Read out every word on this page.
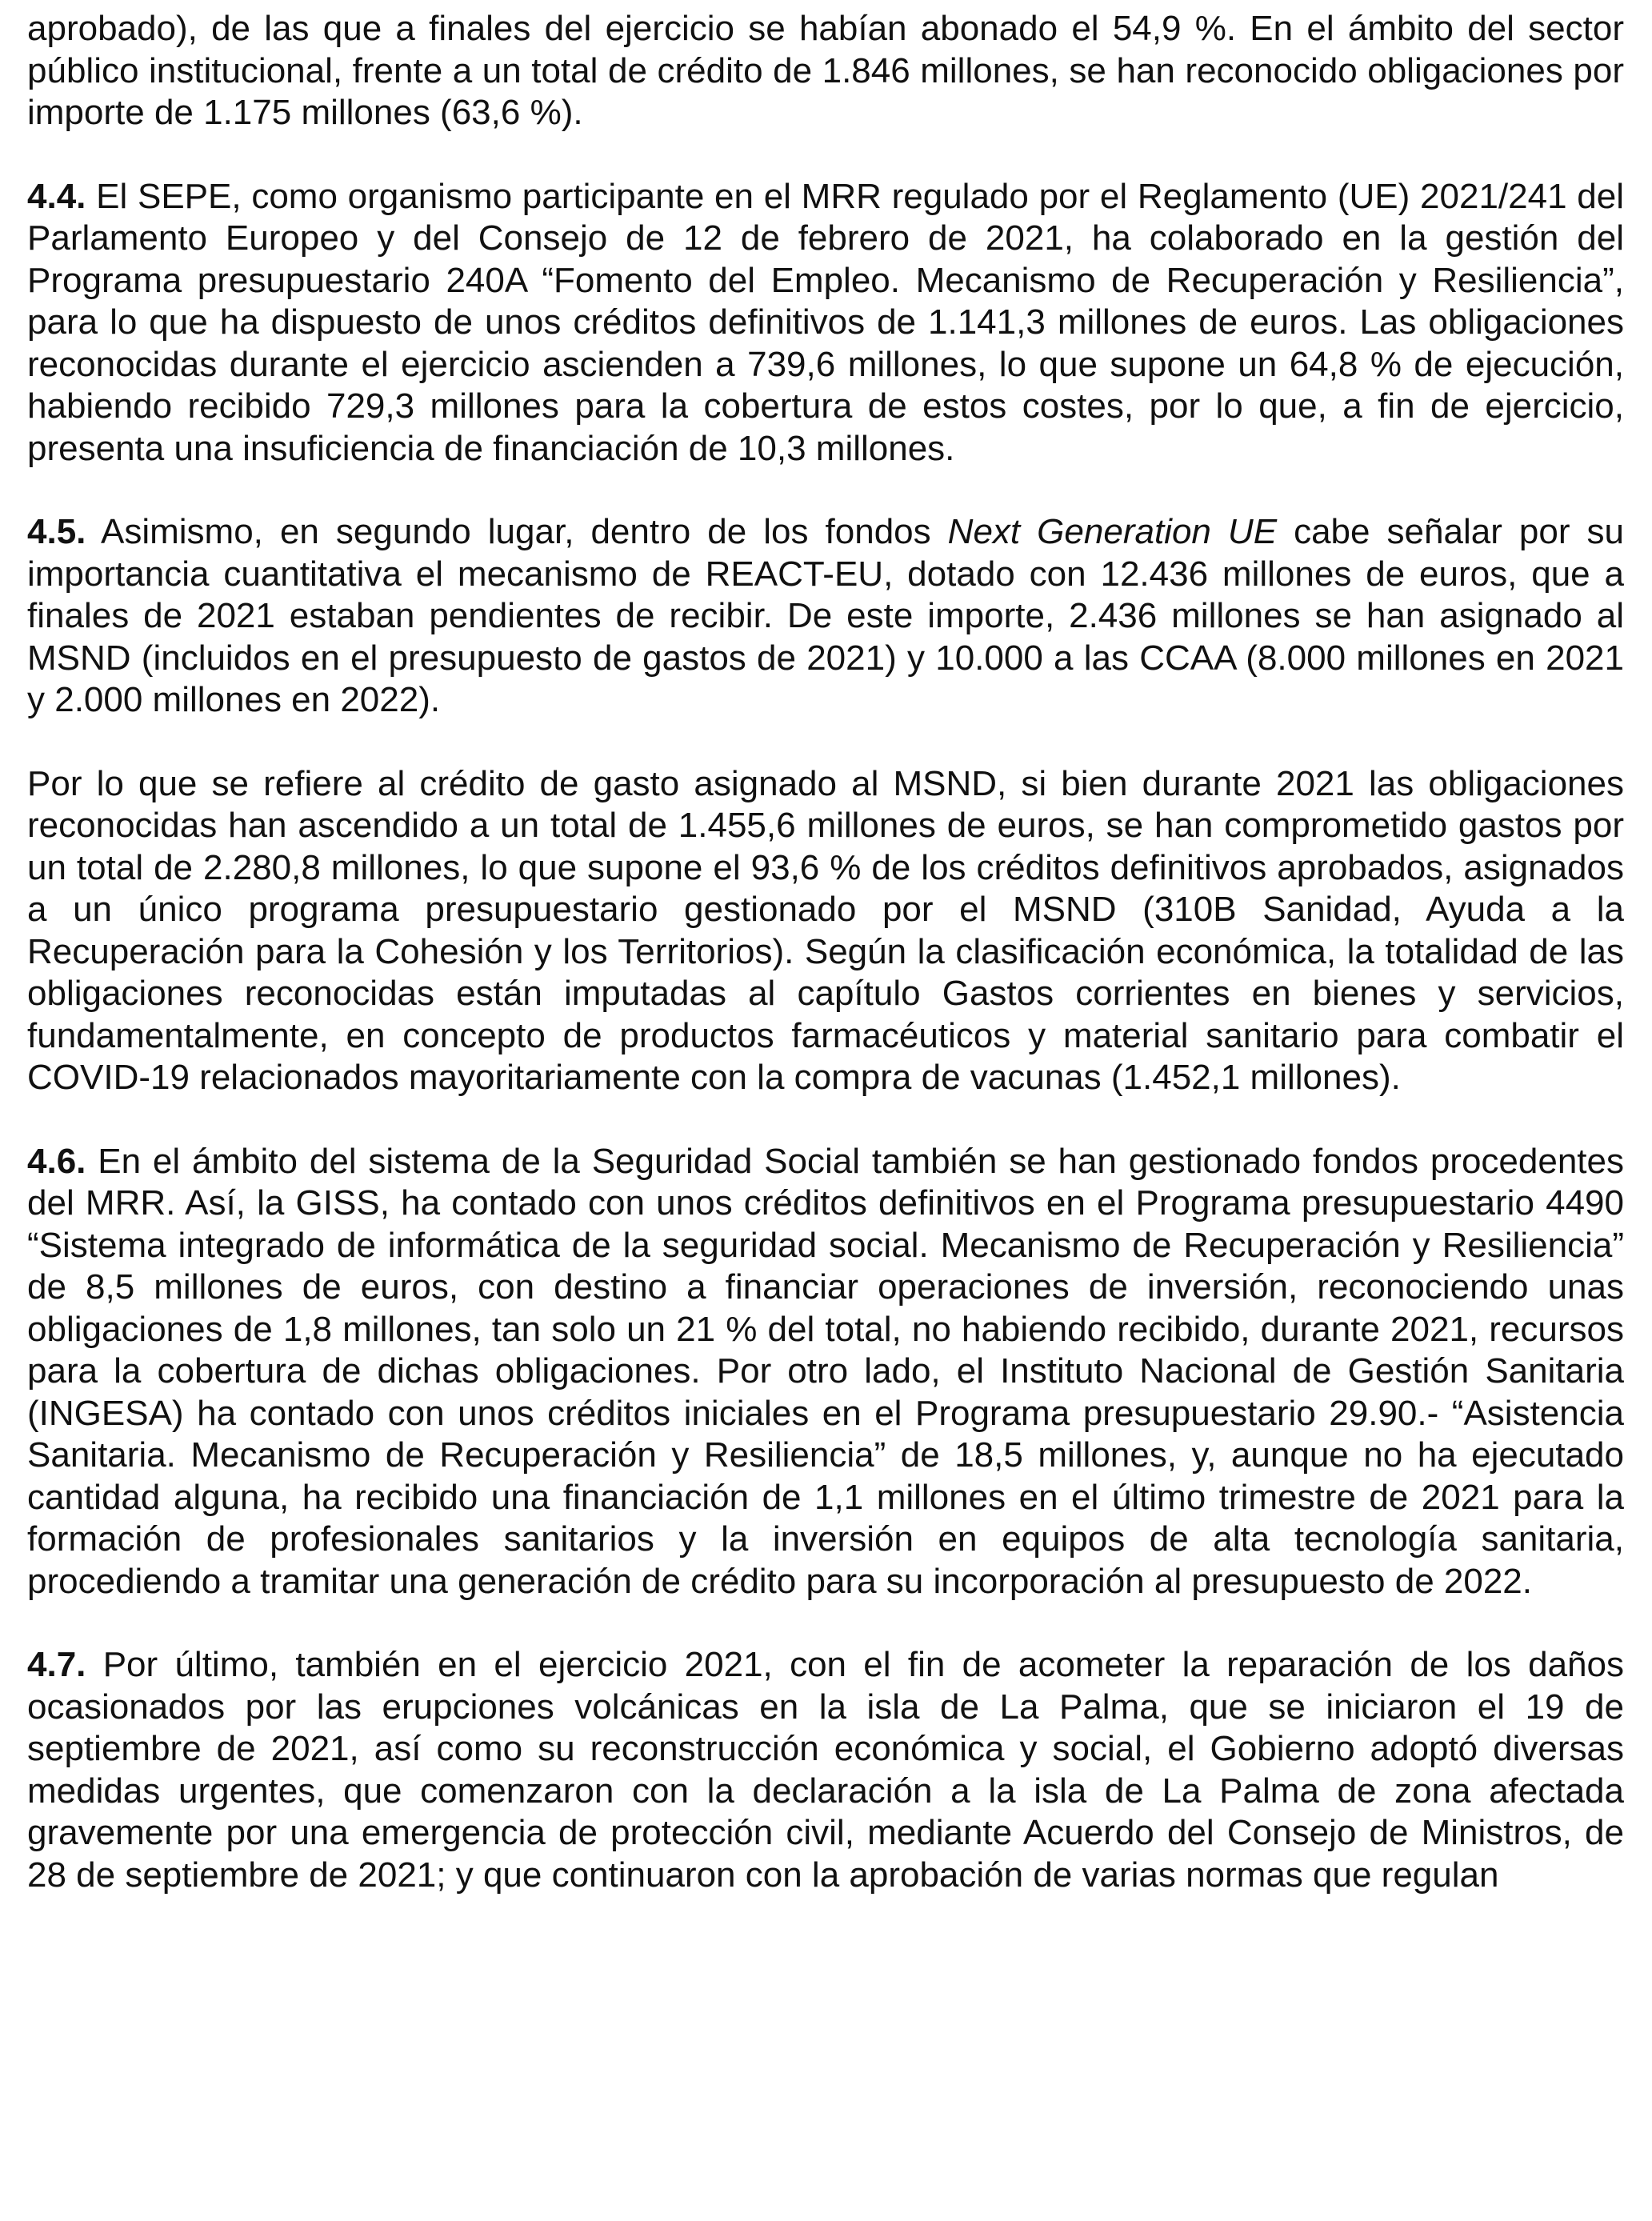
aprobado), de las que a finales del ejercicio se habían abonado el 54,9 %. En el ámbito del sector público institucional, frente a un total de crédito de 1.846 millones, se han reconocido obligaciones por importe de 1.175 millones (63,6 %).

4.4. El SEPE, como organismo participante en el MRR regulado por el Reglamento (UE) 2021/241 del Parlamento Europeo y del Consejo de 12 de febrero de 2021, ha colaborado en la gestión del Programa presupuestario 240A “Fomento del Empleo. Mecanismo de Recuperación y Resiliencia”, para lo que ha dispuesto de unos créditos definitivos de 1.141,3 millones de euros. Las obligaciones reconocidas durante el ejercicio ascienden a 739,6 millones, lo que supone un 64,8 % de ejecución, habiendo recibido 729,3 millones para la cobertura de estos costes, por lo que, a fin de ejercicio, presenta una insuficiencia de financiación de 10,3 millones.

4.5. Asimismo, en segundo lugar, dentro de los fondos Next Generation UE cabe señalar por su importancia cuantitativa el mecanismo de REACT-EU, dotado con 12.436 millones de euros, que a finales de 2021 estaban pendientes de recibir. De este importe, 2.436 millones se han asignado al MSND (incluidos en el presupuesto de gastos de 2021) y 10.000 a las CCAA (8.000 millones en 2021 y 2.000 millones en 2022).

Por lo que se refiere al crédito de gasto asignado al MSND, si bien durante 2021 las obligaciones reconocidas han ascendido a un total de 1.455,6 millones de euros, se han comprometido gastos por un total de 2.280,8 millones, lo que supone el 93,6 % de los créditos definitivos aprobados, asignados a un único programa presupuestario gestionado por el MSND (310B Sanidad, Ayuda a la Recuperación para la Cohesión y los Territorios). Según la clasificación económica, la totalidad de las obligaciones reconocidas están imputadas al capítulo Gastos corrientes en bienes y servicios, fundamentalmente, en concepto de productos farmacéuticos y material sanitario para combatir el COVID-19 relacionados mayoritariamente con la compra de vacunas (1.452,1 millones).

4.6. En el ámbito del sistema de la Seguridad Social también se han gestionado fondos procedentes del MRR. Así, la GISS, ha contado con unos créditos definitivos en el Programa presupuestario 4490 “Sistema integrado de informática de la seguridad social. Mecanismo de Recuperación y Resiliencia” de 8,5 millones de euros, con destino a financiar operaciones de inversión, reconociendo unas obligaciones de 1,8 millones, tan solo un 21 % del total, no habiendo recibido, durante 2021, recursos para la cobertura de dichas obligaciones. Por otro lado, el Instituto Nacional de Gestión Sanitaria (INGESA) ha contado con unos créditos iniciales en el Programa presupuestario 29.90.- “Asistencia Sanitaria. Mecanismo de Recuperación y Resiliencia” de 18,5 millones, y, aunque no ha ejecutado cantidad alguna, ha recibido una financiación de 1,1 millones en el último trimestre de 2021 para la formación de profesionales sanitarios y la inversión en equipos de alta tecnología sanitaria, procediendo a tramitar una generación de crédito para su incorporación al presupuesto de 2022.

4.7. Por último, también en el ejercicio 2021, con el fin de acometer la reparación de los daños ocasionados por las erupciones volcánicas en la isla de La Palma, que se iniciaron el 19 de septiembre de 2021, así como su reconstrucción económica y social, el Gobierno adoptó diversas medidas urgentes, que comenzaron con la declaración a la isla de La Palma de zona afectada gravemente por una emergencia de protección civil, mediante Acuerdo del Consejo de Ministros, de 28 de septiembre de 2021; y que continuaron con la aprobación de varias normas que regulan
